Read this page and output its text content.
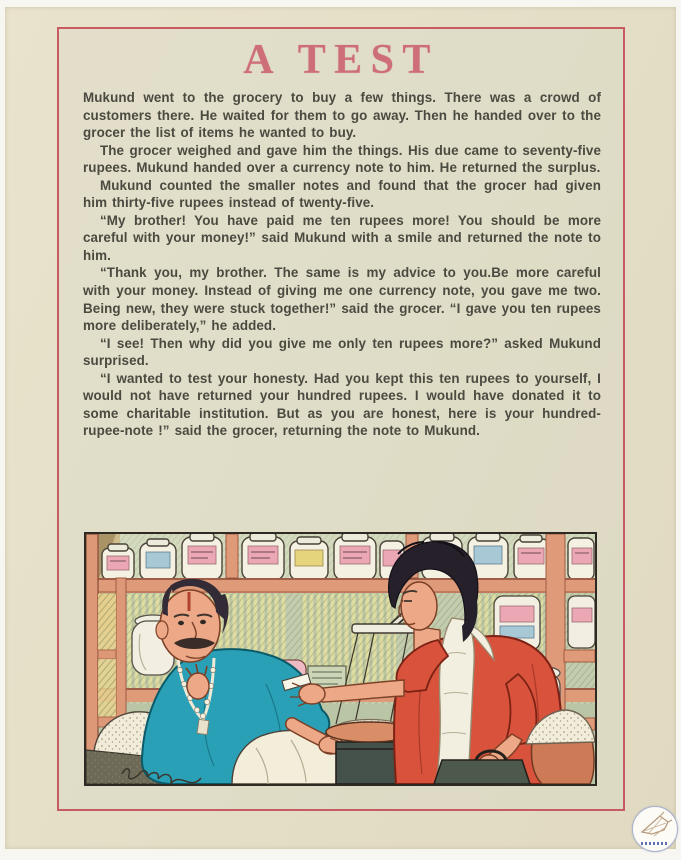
A TEST

Mukund went to the grocery to buy a few things. There was a crowd of customers there. He waited for them to go away. Then he handed over to the grocer the list of items he wanted to buy.

The grocer weighed and gave him the things. His due came to seventy-five rupees. Mukund handed over a currency note to him. He returned the surplus.

Mukund counted the smaller notes and found that the grocer had given him thirty-five rupees instead of twenty-five.

“My brother! You have paid me ten rupees more! You should be more careful with your money!” said Mukund with a smile and returned the note to him.

“Thank you, my brother. The same is my advice to you.Be more careful with your money. Instead of giving me one currency note, you gave me two. Being new, they were stuck together!” said the grocer. “I gave you ten rupees more deliberately,” he added.

“I see! Then why did you give me only ten rupees more?” asked Mukund surprised.

“I wanted to test your honesty. Had you kept this ten rupees to yourself, I would not have returned your hundred rupees. I would have donated it to some charitable institution. But as you are honest, here is your hundred-rupee-note !” said the grocer, returning the note to Mukund.
